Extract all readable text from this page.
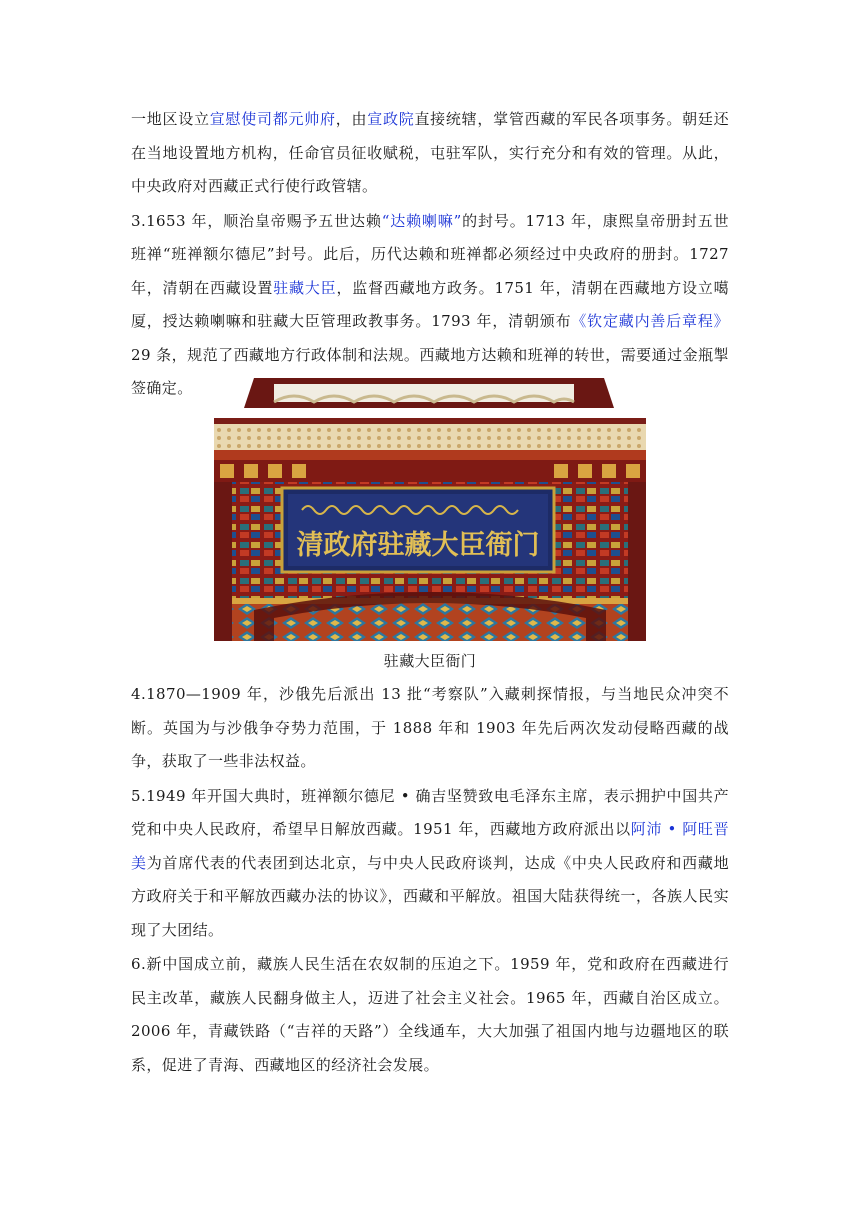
一地区设立宣慰使司都元帅府，由宣政院直接统辖，掌管西藏的军民各项事务。朝廷还在当地设置地方机构，任命官员征收赋税，屯驻军队，实行充分和有效的管理。从此，中央政府对西藏正式行使行政管辖。

3.1653 年，顺治皇帝赐予五世达赖“达赖喇嘛”的封号。1713 年，康熙皇帝册封五世班禅“班禅额尔德尼”封号。此后，历代达赖和班禅都必须经过中央政府的册封。1727 年，清朝在西藏设置驻藏大臣，监督西藏地方政务。1751 年，清朝在西藏地方设立噶厦，授达赖喇嘛和驻藏大臣管理政教事务。1793 年，清朝颁布《钦定藏内善后章程》29 条，规范了西藏地方行政体制和法规。西藏地方达赖和班禅的转世，需要通过金瓶掣签确定。

清政府驻藏大臣衙门
驻藏大臣衙门

4.1870—1909 年，沙俄先后派出 13 批“考察队”入藏刺探情报，与当地民众冲突不断。英国为与沙俄争夺势力范围，于 1888 年和 1903 年先后两次发动侵略西藏的战争，获取了一些非法权益。

5.1949 年开国大典时，班禅额尔德尼 • 确吉坚赞致电毛泽东主席，表示拥护中国共产党和中央人民政府，希望早日解放西藏。1951 年，西藏地方政府派出以阿沛 • 阿旺晋美为首席代表的代表团到达北京，与中央人民政府谈判，达成《中央人民政府和西藏地方政府关于和平解放西藏办法的协议》，西藏和平解放。祖国大陆获得统一，各族人民实现了大团结。

6.新中国成立前，藏族人民生活在农奴制的压迫之下。1959 年，党和政府在西藏进行民主改革，藏族人民翻身做主人，迈进了社会主义社会。1965 年，西藏自治区成立。2006 年，青藏铁路（“吉祥的天路”）全线通车，大大加强了祖国内地与边疆地区的联系，促进了青海、西藏地区的经济社会发展。
